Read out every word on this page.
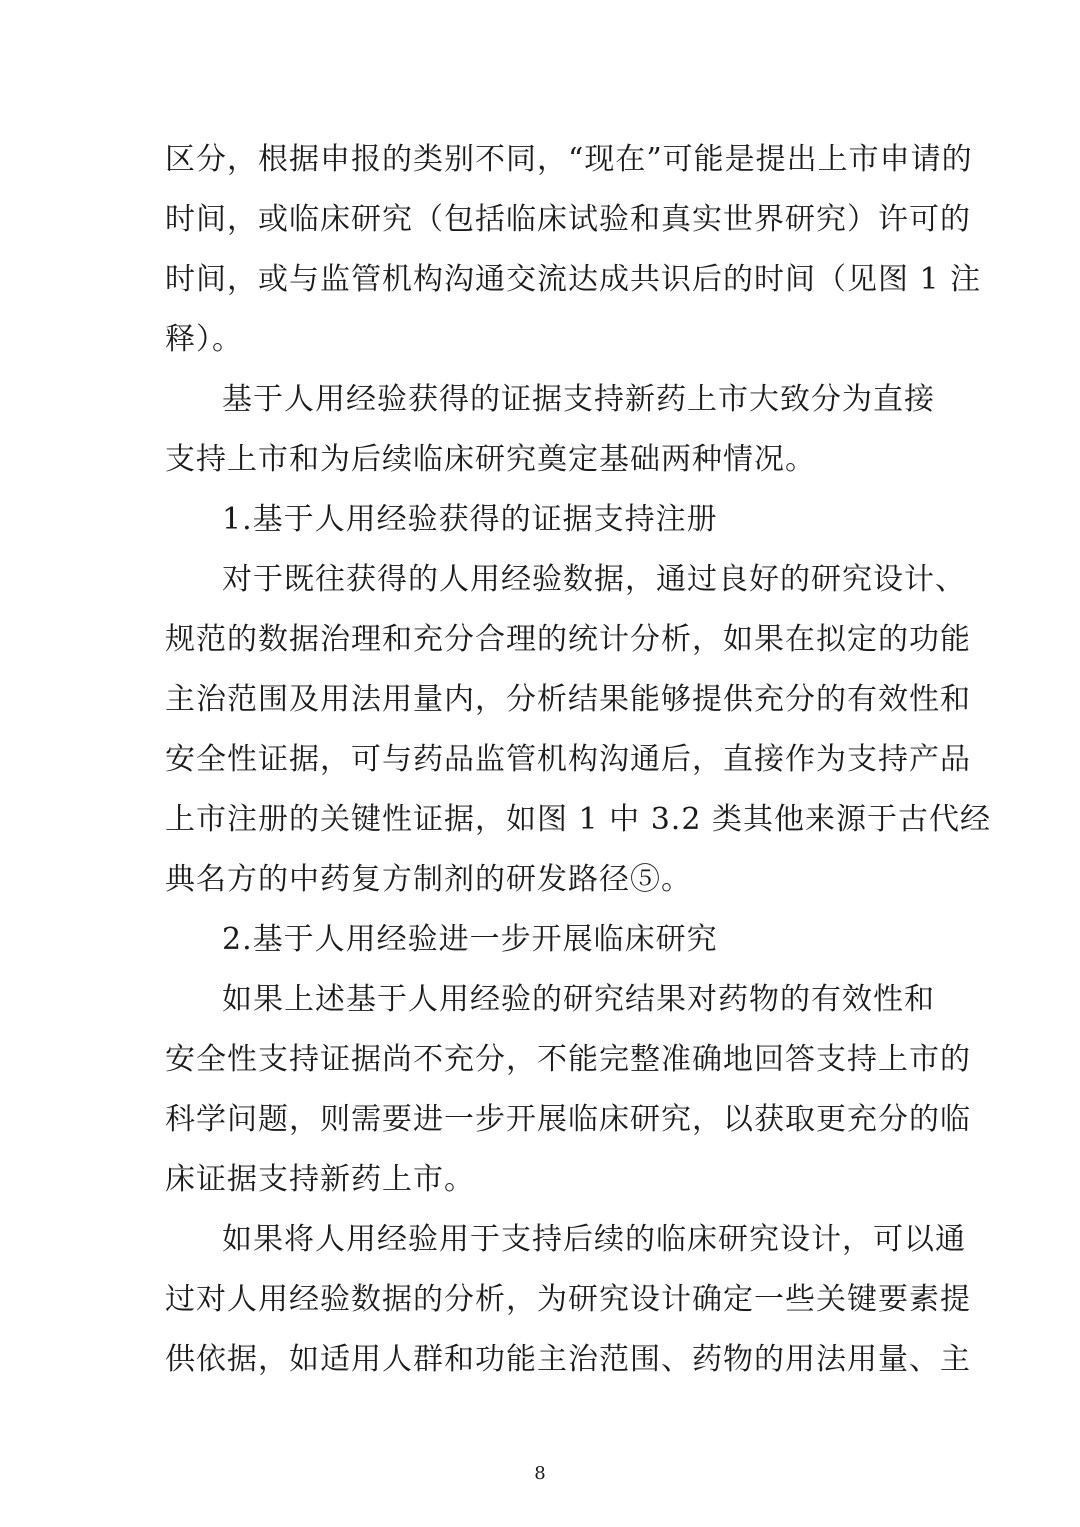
区分，根据申报的类别不同，“现在”可能是提出上市申请的
时间，或临床研究（包括临床试验和真实世界研究）许可的
时间，或与监管机构沟通交流达成共识后的时间（见图 1 注
释）。
基于人用经验获得的证据支持新药上市大致分为直接
支持上市和为后续临床研究奠定基础两种情况。
1.基于人用经验获得的证据支持注册
对于既往获得的人用经验数据，通过良好的研究设计、
规范的数据治理和充分合理的统计分析，如果在拟定的功能
主治范围及用法用量内，分析结果能够提供充分的有效性和
安全性证据，可与药品监管机构沟通后，直接作为支持产品
上市注册的关键性证据，如图 1 中 3.2 类其他来源于古代经
典名方的中药复方制剂的研发路径⑤。
2.基于人用经验进一步开展临床研究
如果上述基于人用经验的研究结果对药物的有效性和
安全性支持证据尚不充分，不能完整准确地回答支持上市的
科学问题，则需要进一步开展临床研究，以获取更充分的临
床证据支持新药上市。
如果将人用经验用于支持后续的临床研究设计，可以通
过对人用经验数据的分析，为研究设计确定一些关键要素提
供依据，如适用人群和功能主治范围、药物的用法用量、主
8
